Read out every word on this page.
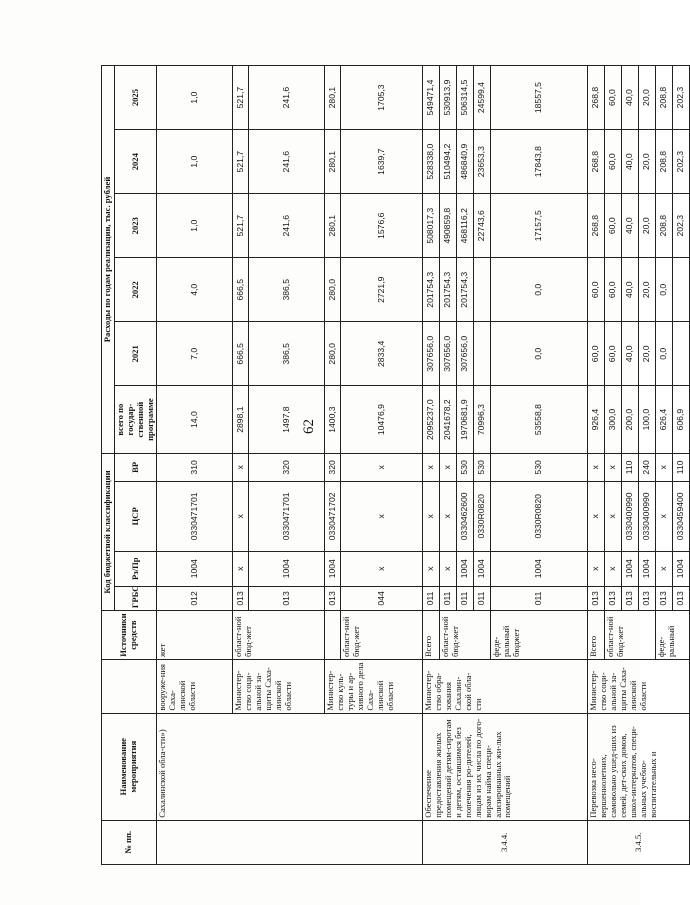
62
№ пп.	Наименование мероприятия		Источники средств	Код бюджетной классификации				Расходы по годам реализации, тыс. рублей					
				ГРБС	Рз/Пр	ЦСР	ВР	всего по государ-ственной программе	2021	2022	2023	2024	2025
	Сахалинской обла-сти»)	вооруже-ния Саха-линской области	жет	012	1004	0330471701	310	14,0	7,0	4,0	1,0	1,0	1,0
		Министер-ство соци-альной за-щиты Саха-линской области	област-ной бюд-жет	013	х	х	х	2898,1	666,5	666,5	521,7	521,7	521,7
				013	1004	0330471701	320	1497,8	386,5	386,5	241,6	241,6	241,6
		Министер-ство куль-туры и ар-хивного дела Саха-линской области		013	1004	0330471702	320	1400,3	280,0	280,0	280,1	280,1	280,1
			област-ной бюд-жет	044	х	х	х	10476,9	2833,4	2721,9	1576,6	1639,7	1705,3
3.4.4.	Обеспечение предоставления жилых помещений детям-сиротам и детям, оставшимся без попечения ро-дителей, лицам из их числа по дого-ворам найма специ-ализированных жи-лых помещений	Министер-ство обра-зования Сахалин-ской обла-сти	Всего	011	х	х	х	2095237,0	307656,0	201754,3	508017,3	528338,0	549471,4
			област-ной бюд-жет	011	х	х	х	2041678,2	307656,0	201754,3	490859,8	510494,2	530913,9
				011	1004	0330462600	530	1970681,9	307656,0	201754,3	468116,2	486840,9	506314,5
				011	1004	0330R0820	530	70996,3			22743,6	23653,3	24599,4
			феде-ральный бюджет	011	1004	0330R0820	530	53558,8	0,0	0,0	17157,5	17843,8	18557,5
3.4.5.	Перевозка несо-вершеннолетних, самовольно ушед-ших из семей, дет-ских домов, школ-интернатов, специ-альных учебно-воспитательных и	Министер-ство соци-альной за-щиты Саха-линской области	Всего	013	х	х	х	926,4	60,0	60,0	268,8	268,8	268,8
			област-ной бюд-жет	013	х	х	х	300,0	60,0	60,0	60,0	60,0	60,0
				013	1004	0330400990	110	200,0	40,0	40,0	40,0	40,0	40,0
				013	1004	0330400990	240	100,0	20,0	20,0	20,0	20,0	20,0
			феде-ральный	013	х	х	х	626,4	0,0	0,0	208,8	208,8	208,8
				013	1004	0330459400	110	606,9			202,3	202,3	202,3
